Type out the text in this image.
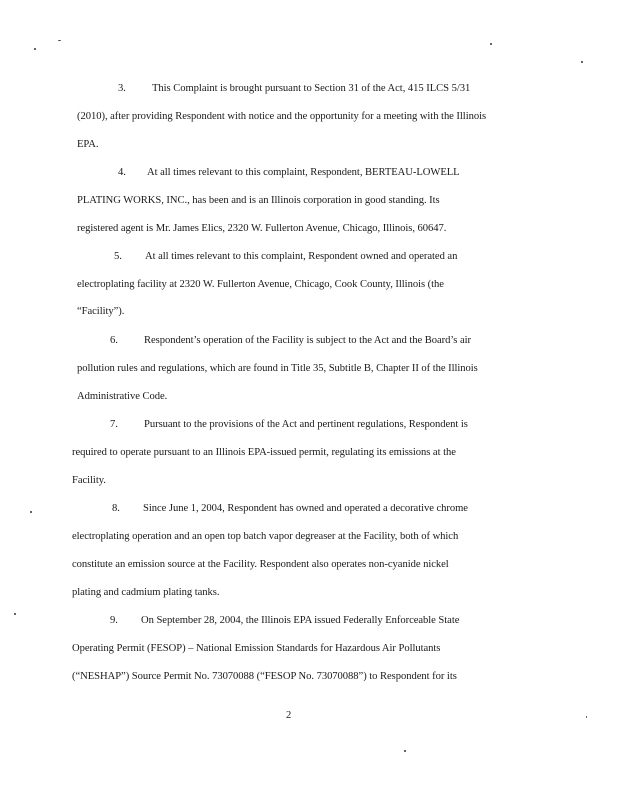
3. This Complaint is brought pursuant to Section 31 of the Act, 415 ILCS 5/31
(2010), after providing Respondent with notice and the opportunity for a meeting with the Illinois
EPA.
4. At all times relevant to this complaint, Respondent, BERTEAU-LOWELL
PLATING WORKS, INC., has been and is an Illinois corporation in good standing. Its
registered agent is Mr. James Elics, 2320 W. Fullerton Avenue, Chicago, Illinois, 60647.
5. At all times relevant to this complaint, Respondent owned and operated an
electroplating facility at 2320 W. Fullerton Avenue, Chicago, Cook County, Illinois (the
“Facility”).
6. Respondent’s operation of the Facility is subject to the Act and the Board’s air
pollution rules and regulations, which are found in Title 35, Subtitle B, Chapter II of the Illinois
Administrative Code.
7. Pursuant to the provisions of the Act and pertinent regulations, Respondent is
required to operate pursuant to an Illinois EPA-issued permit, regulating its emissions at the
Facility.
8. Since June 1, 2004, Respondent has owned and operated a decorative chrome
electroplating operation and an open top batch vapor degreaser at the Facility, both of which
constitute an emission source at the Facility. Respondent also operates non-cyanide nickel
plating and cadmium plating tanks.
9. On September 28, 2004, the Illinois EPA issued Federally Enforceable State
Operating Permit (FESOP) – National Emission Standards for Hazardous Air Pollutants
(“NESHAP”) Source Permit No. 73070088 (“FESOP No. 73070088”) to Respondent for its
2
